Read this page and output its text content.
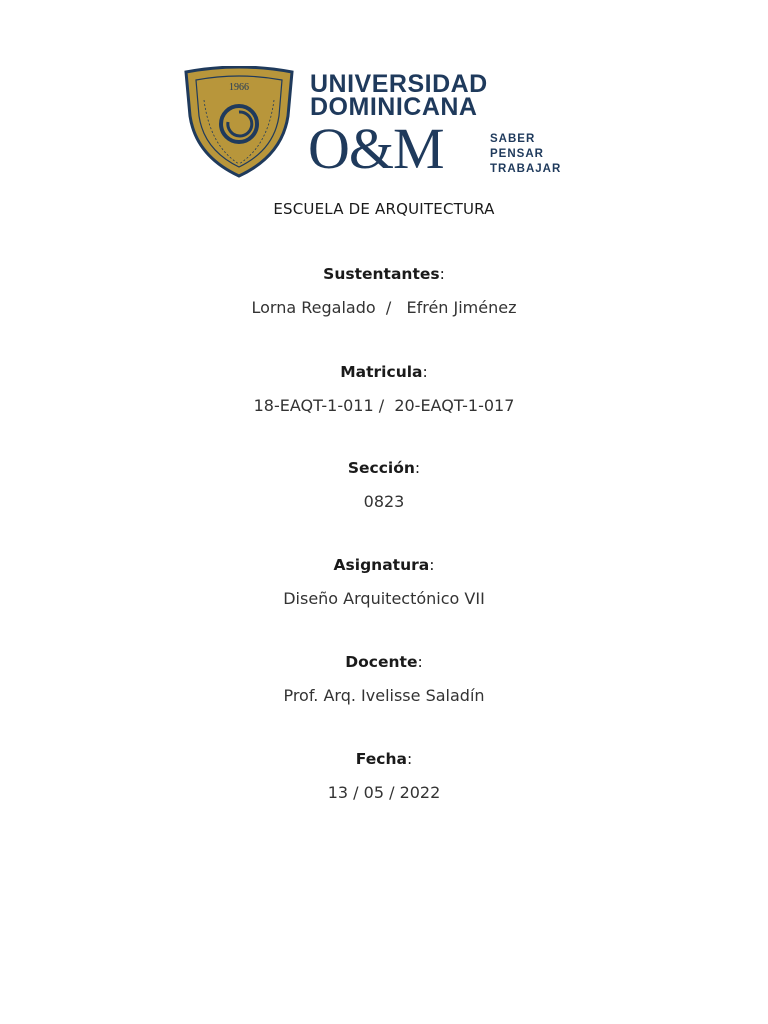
1966 UNIVERSIDAD
DOMINICANA
O&M	SABER
PENSAR
TRABAJAR
ESCUELA DE ARQUITECTURA
Sustentantes:
Lorna Regalado  /   Efrén Jiménez
Matricula:
18-EAQT-1-011 /  20-EAQT-1-017
Sección:
0823
Asignatura:
Diseño Arquitectónico VII
Docente:
Prof. Arq. Ivelisse Saladín
Fecha:
13 / 05 / 2022
